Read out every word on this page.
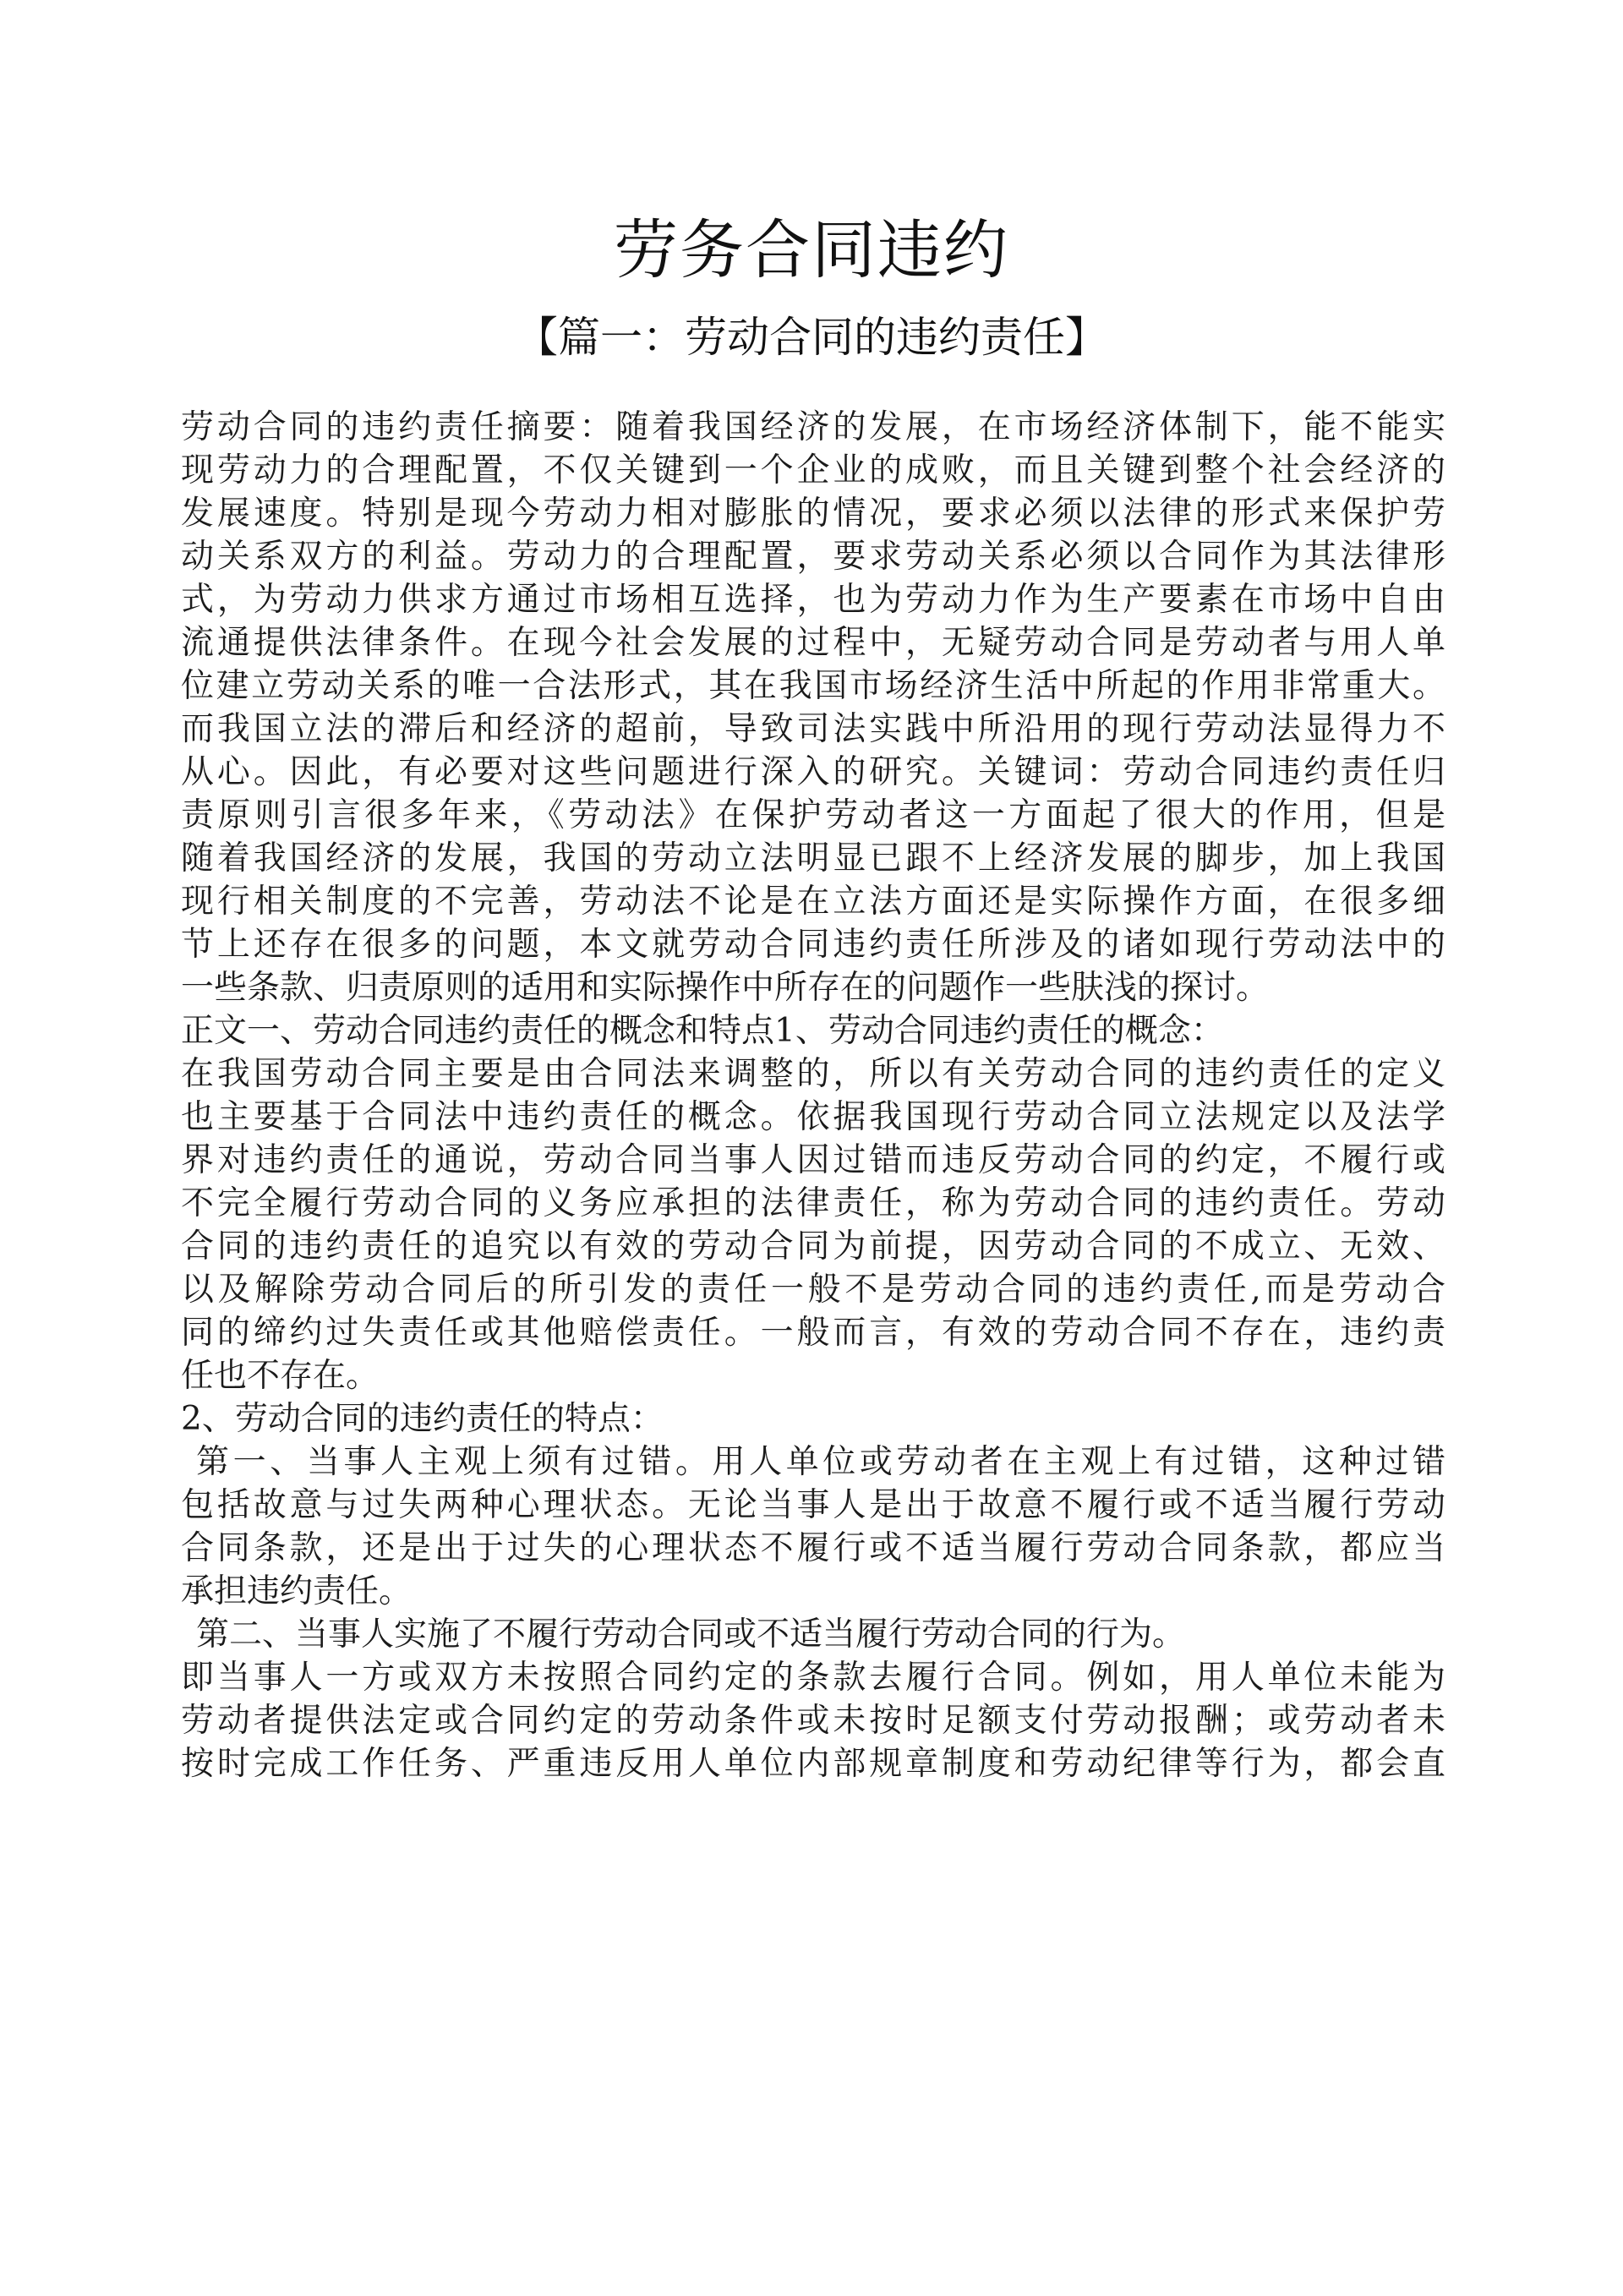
劳务合同违约
【篇一：劳动合同的违约责任】
劳动合同的违约责任摘要：随着我国经济的发展，在市场经济体制下，能不能实
现劳动力的合理配置，不仅关键到一个企业的成败，而且关键到整个社会经济的
发展速度。特别是现今劳动力相对膨胀的情况，要求必须以法律的形式来保护劳
动关系双方的利益。劳动力的合理配置，要求劳动关系必须以合同作为其法律形
式，为劳动力供求方通过市场相互选择，也为劳动力作为生产要素在市场中自由
流通提供法律条件。在现今社会发展的过程中，无疑劳动合同是劳动者与用人单
位建立劳动关系的唯一合法形式，其在我国市场经济生活中所起的作用非常重大。
而我国立法的滞后和经济的超前，导致司法实践中所沿用的现行劳动法显得力不
从心。因此，有必要对这些问题进行深入的研究。关键词：劳动合同违约责任归
责原则引言很多年来，《劳动法》在保护劳动者这一方面起了很大的作用，但是
随着我国经济的发展，我国的劳动立法明显已跟不上经济发展的脚步，加上我国
现行相关制度的不完善，劳动法不论是在立法方面还是实际操作方面，在很多细
节上还存在很多的问题，本文就劳动合同违约责任所涉及的诸如现行劳动法中的
一些条款、归责原则的适用和实际操作中所存在的问题作一些肤浅的探讨。
正文一、劳动合同违约责任的概念和特点1、劳动合同违约责任的概念：
在我国劳动合同主要是由合同法来调整的，所以有关劳动合同的违约责任的定义
也主要基于合同法中违约责任的概念。依据我国现行劳动合同立法规定以及法学
界对违约责任的通说，劳动合同当事人因过错而违反劳动合同的约定，不履行或
不完全履行劳动合同的义务应承担的法律责任，称为劳动合同的违约责任。劳动
合同的违约责任的追究以有效的劳动合同为前提，因劳动合同的不成立、无效、
以及解除劳动合同后的所引发的责任一般不是劳动合同的违约责任,而是劳动合
同的缔约过失责任或其他赔偿责任。一般而言，有效的劳动合同不存在，违约责
任也不存在。
2、劳动合同的违约责任的特点：
第一、当事人主观上须有过错。用人单位或劳动者在主观上有过错，这种过错
包括故意与过失两种心理状态。无论当事人是出于故意不履行或不适当履行劳动
合同条款，还是出于过失的心理状态不履行或不适当履行劳动合同条款，都应当
承担违约责任。
第二、当事人实施了不履行劳动合同或不适当履行劳动合同的行为。
即当事人一方或双方未按照合同约定的条款去履行合同。例如，用人单位未能为
劳动者提供法定或合同约定的劳动条件或未按时足额支付劳动报酬；或劳动者未
按时完成工作任务、严重违反用人单位内部规章制度和劳动纪律等行为，都会直
